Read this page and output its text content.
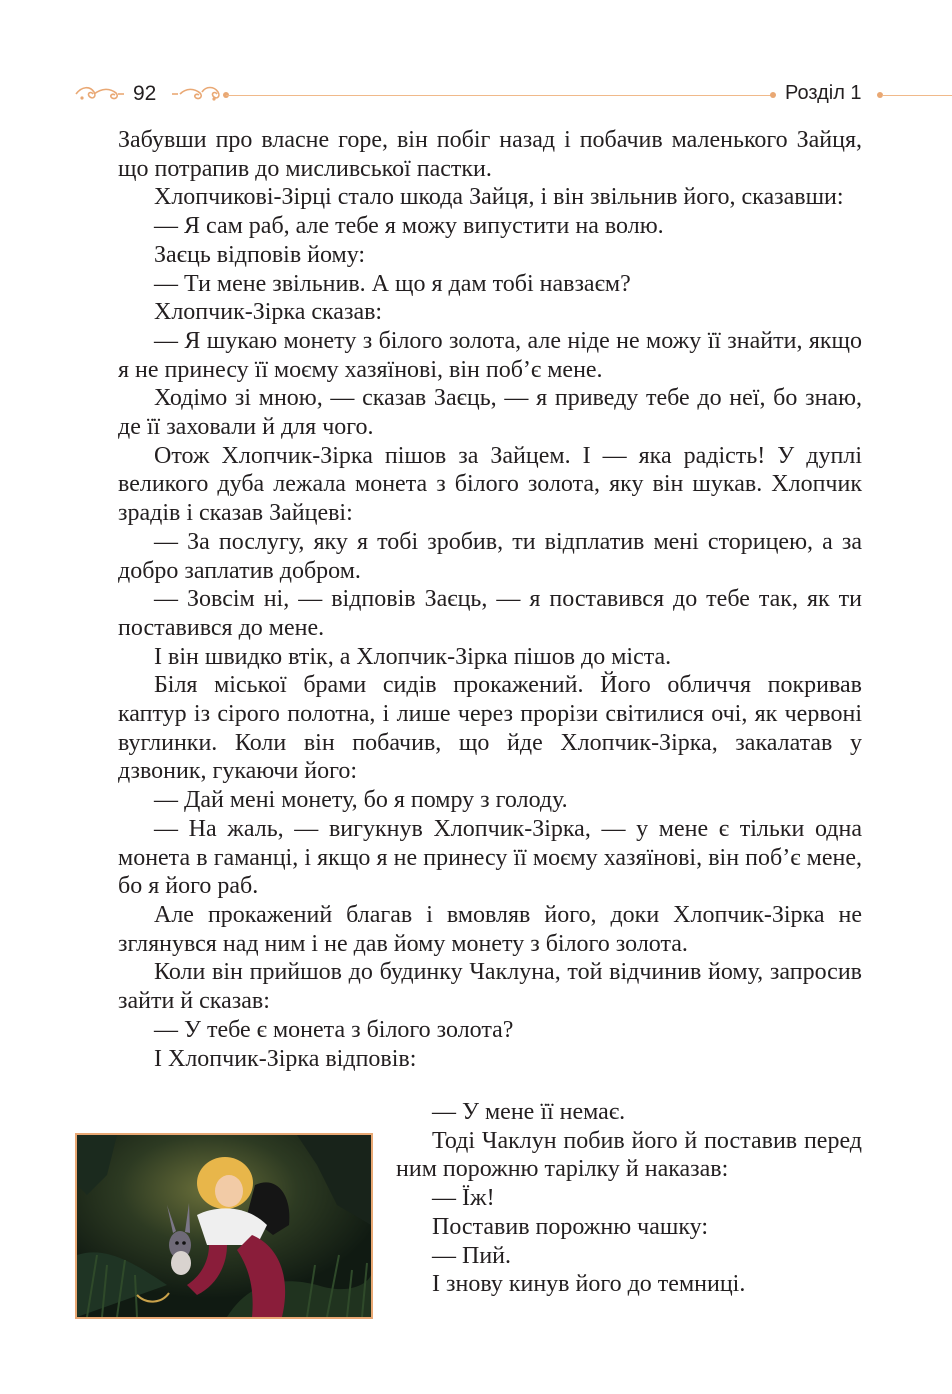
92	Розділ 1

Забувши про власне горе, він побіг назад і побачив маленького Зайця, що потрапив до мисливської пастки.

Хлопчикові-Зірці стало шкода Зайця, і він звільнив його, сказавши:

— Я сам раб, але тебе я можу випустити на волю.

Заєць відповів йому:

— Ти мене звільнив. А що я дам тобі навзаєм?

Хлопчик-Зірка сказав:

— Я шукаю монету з білого золота, але ніде не можу її знайти, якщо я не принесу її моєму хазяїнові, він поб’є мене.

Ходімо зі мною, — сказав Заєць, — я приведу тебе до неї, бо знаю, де її заховали й для чого.

Отож Хлопчик-Зірка пішов за Зайцем. І — яка радість! У дуплі великого дуба лежала монета з білого золота, яку він шукав. Хлопчик зрадів і сказав Зайцеві:

— За послугу, яку я тобі зробив, ти відплатив мені сторицею, а за добро заплатив добром.

— Зовсім ні, — відповів Заєць, — я поставився до тебе так, як ти поставився до мене.

І він швидко втік, а Хлопчик-Зірка пішов до міста.

Біля міської брами сидів прокажений. Його обличчя покривав каптур із сірого полотна, і лише через прорізи світилися очі, як червоні вуглинки. Коли він побачив, що йде Хлопчик-Зірка, закалатав у дзвоник, гукаючи його:

— Дай мені монету, бо я помру з голоду.

— На жаль, — вигукнув Хлопчик-Зірка, — у мене є тільки одна монета в гаманці, і якщо я не принесу її моєму хазяїнові, він поб’є мене, бо я його раб.

Але прокажений благав і вмовляв його, доки Хлопчик-Зірка не зглянувся над ним і не дав йому монету з білого золота.

Коли він прийшов до будинку Чаклуна, той відчинив йому, запросив зайти й сказав:

— У тебе є монета з білого золота?

І Хлопчик-Зірка відповів:

— У мене її немає.

Тоді Чаклун побив його й поставив перед ним порожню тарілку й наказав:

— Їж!

Поставив порожню чашку:

— Пий.

І знову кинув його до темниці.
